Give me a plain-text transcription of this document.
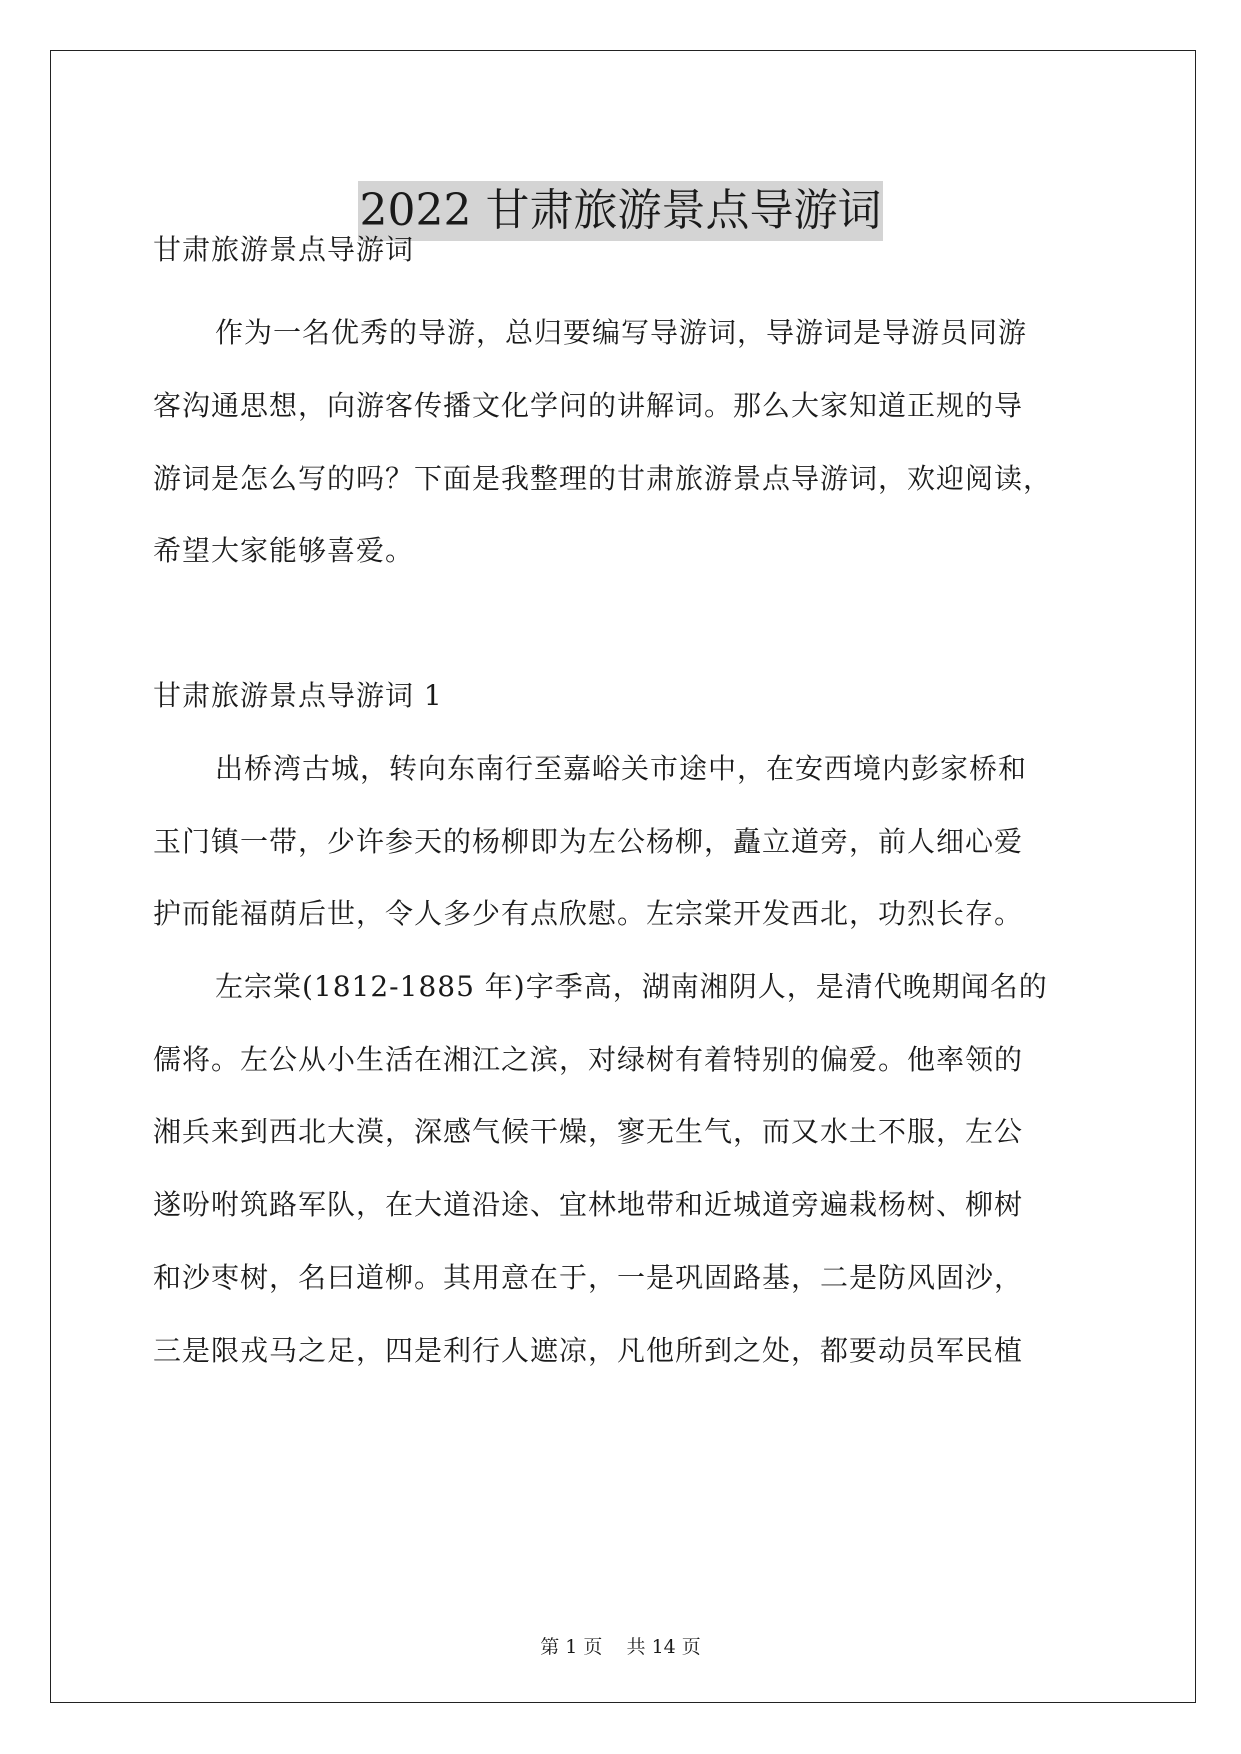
2022 甘肃旅游景点导游词
甘肃旅游景点导游词
作为一名优秀的导游，总归要编写导游词，导游词是导游员同游
客沟通思想，向游客传播文化学问的讲解词。那么大家知道正规的导
游词是怎么写的吗？下面是我整理的甘肃旅游景点导游词，欢迎阅读，
希望大家能够喜爱。
甘肃旅游景点导游词 1
出桥湾古城，转向东南行至嘉峪关市途中，在安西境内彭家桥和
玉门镇一带，少许参天的杨柳即为左公杨柳，矗立道旁，前人细心爱
护而能福荫后世，令人多少有点欣慰。左宗棠开发西北，功烈长存。
左宗棠(1812-1885 年)字季高，湖南湘阴人，是清代晚期闻名的
儒将。左公从小生活在湘江之滨，对绿树有着特别的偏爱。他率领的
湘兵来到西北大漠，深感气候干燥，寥无生气，而又水土不服，左公
遂吩咐筑路军队，在大道沿途、宜林地带和近城道旁遍栽杨树、柳树
和沙枣树，名曰道柳。其用意在于，一是巩固路基，二是防风固沙，
三是限戎马之足，四是利行人遮凉，凡他所到之处，都要动员军民植
第 1 页 共 14 页
